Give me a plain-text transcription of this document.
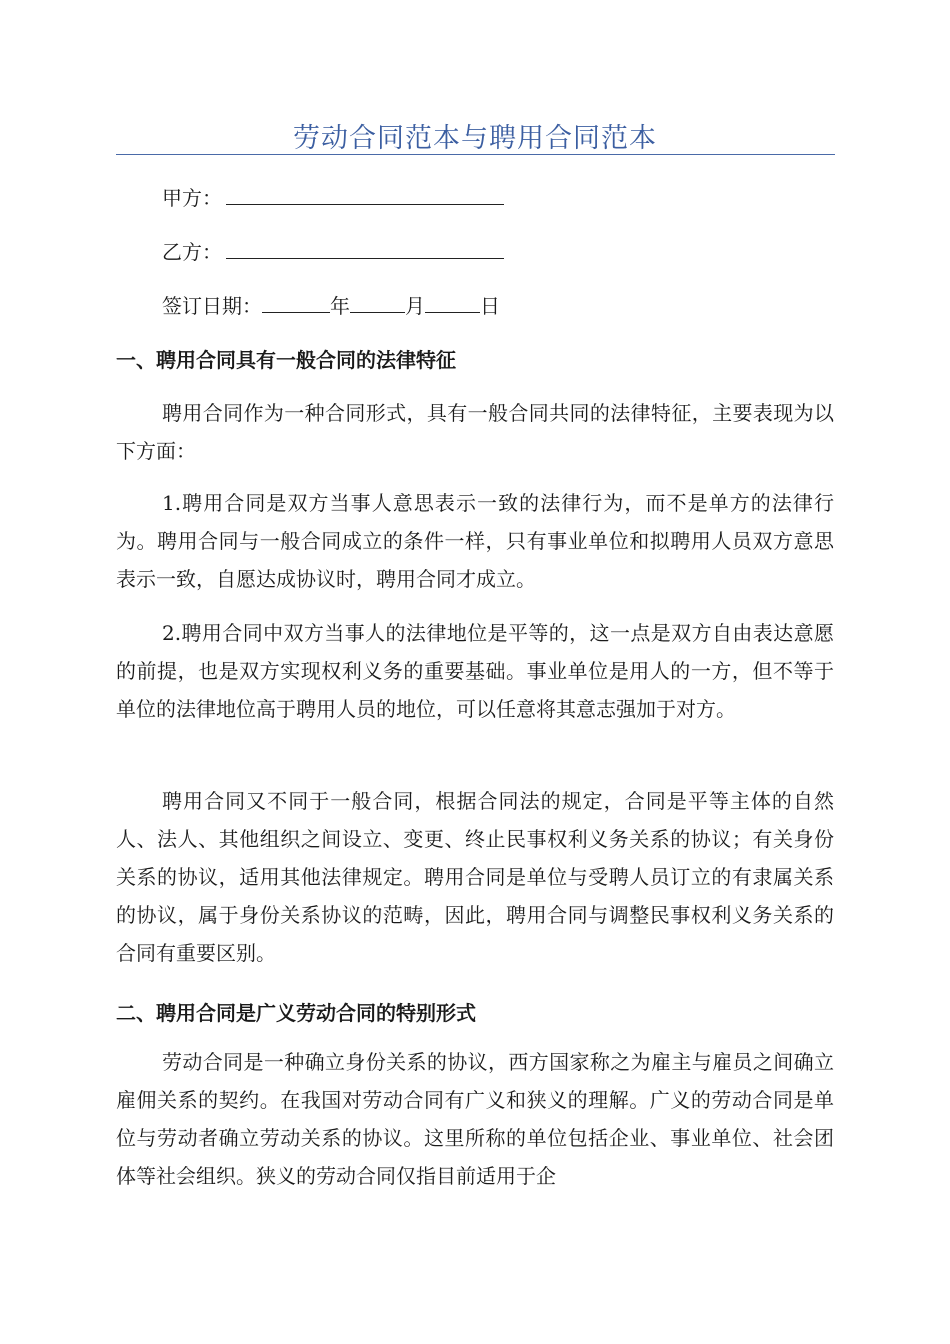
劳动合同范本与聘用合同范本
甲方：
乙方：
签订日期：	年	月	日
一、聘用合同具有一般合同的法律特征

聘用合同作为一种合同形式，具有一般合同共同的法律特征，主要表现为以下方面：

1.聘用合同是双方当事人意思表示一致的法律行为，而不是单方的法律行为。聘用合同与一般合同成立的条件一样，只有事业单位和拟聘用人员双方意思表示一致，自愿达成协议时，聘用合同才成立。

2.聘用合同中双方当事人的法律地位是平等的，这一点是双方自由表达意愿的前提，也是双方实现权利义务的重要基础。事业单位是用人的一方，但不等于单位的法律地位高于聘用人员的地位，可以任意将其意志强加于对方。

聘用合同又不同于一般合同，根据合同法的规定，合同是平等主体的自然人、法人、其他组织之间设立、变更、终止民事权利义务关系的协议；有关身份关系的协议，适用其他法律规定。聘用合同是单位与受聘人员订立的有隶属关系的协议，属于身份关系协议的范畴，因此，聘用合同与调整民事权利义务关系的合同有重要区别。

二、聘用合同是广义劳动合同的特别形式

劳动合同是一种确立身份关系的协议，西方国家称之为雇主与雇员之间确立雇佣关系的契约。在我国对劳动合同有广义和狭义的理解。广义的劳动合同是单位与劳动者确立劳动关系的协议。这里所称的单位包括企业、事业单位、社会团体等社会组织。狭义的劳动合同仅指目前适用于企
